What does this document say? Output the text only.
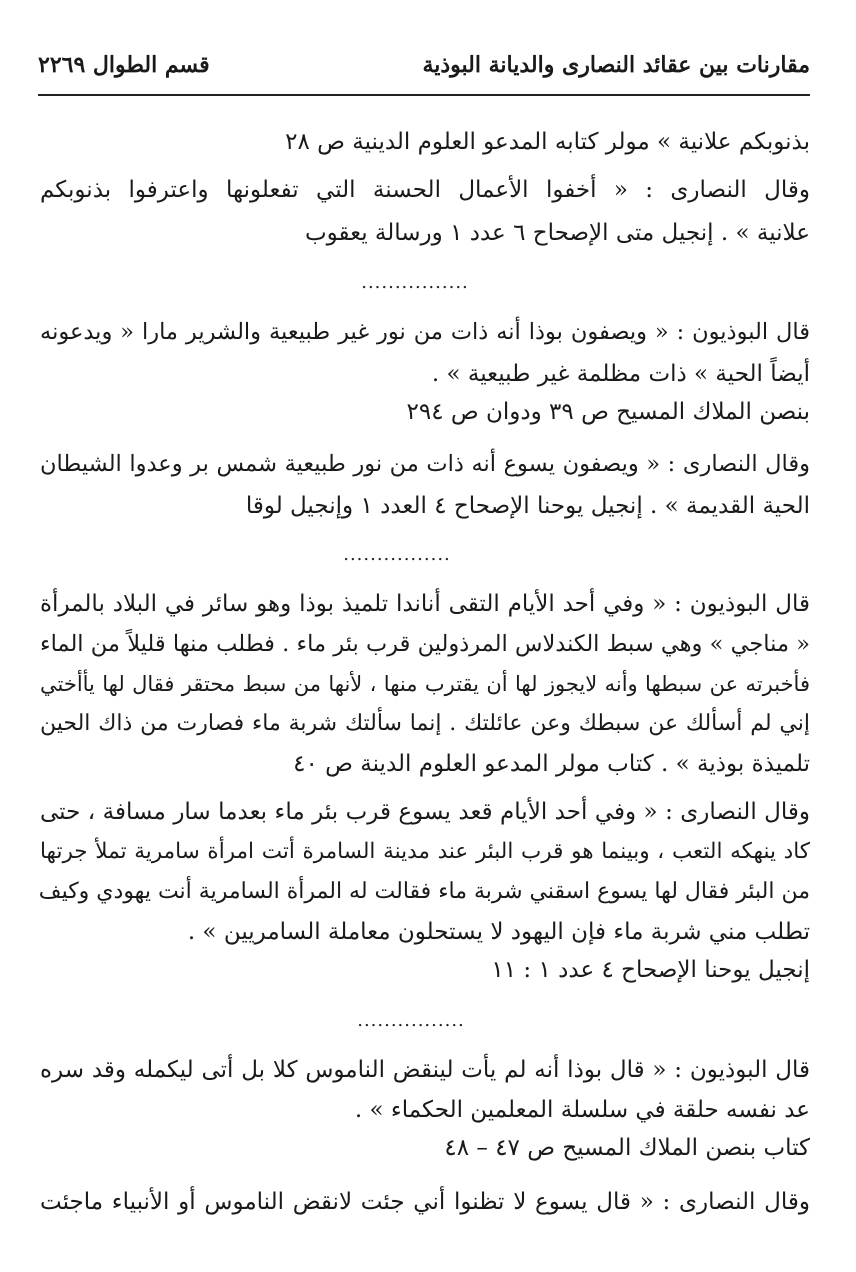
مقارنات بين عقائد النصارى والديانة البوذية
قسم الطوال ٢٢٦٩
بذنوبكم علانية » مولر كتابه المدعو العلوم الدينية ص ٢٨
وقال النصارى : « أخفوا الأعمال الحسنة التي تفعلونها واعترفوا بذنوبكم
علانية » . إنجيل متى الإصحاح ٦ عدد ١ ورسالة يعقوب
................
قال البوذيون : « ويصفون بوذا أنه ذات من نور غير طبيعية والشرير مارا « ويدعونه
أيضاً الحية » ذات مظلمة غير طبيعية » .
بنصن الملاك المسيح ص ٣٩ ودوان ص ٢٩٤
وقال النصارى : « ويصفون يسوع أنه ذات من نور طبيعية شمس بر وعدوا الشيطان
الحية القديمة » . إنجيل يوحنا الإصحاح ٤ العدد ١ وإنجيل لوقا
................
قال البوذيون : « وفي أحد الأيام التقى أناندا تلميذ بوذا وهو سائر في البلاد بالمرأة
« مناجي » وهي سبط الكندلاس المرذولين قرب بئر ماء . فطلب منها قليلاً من الماء
فأخبرته عن سبطها وأنه لايجوز لها أن يقترب منها ، لأنها من سبط محتقر فقال لها يأأختي
إني لم أسألك عن سبطك وعن عائلتك . إنما سألتك شربة ماء فصارت من ذاك الحين
تلميذة بوذية » . كتاب مولر المدعو العلوم الدينة ص ٤٠
وقال النصارى : « وفي أحد الأيام قعد يسوع قرب بئر ماء بعدما سار مسافة ، حتى
كاد ينهكه التعب ، وبينما هو قرب البئر عند مدينة السامرة أتت امرأة سامرية تملأ جرتها
من البئر فقال لها يسوع اسقني شربة ماء فقالت له المرأة السامرية أنت يهودي وكيف
تطلب مني شربة ماء فإن اليهود لا يستحلون معاملة السامريين » .
إنجيل يوحنا الإصحاح ٤ عدد ١ : ١١
................
قال البوذيون : « قال بوذا أنه لم يأت لينقض الناموس كلا بل أتى ليكمله وقد سره
عد نفسه حلقة في سلسلة المعلمين الحكماء » .
كتاب بنصن الملاك المسيح ص ٤٧ – ٤٨
وقال النصارى : « قال يسوع لا تظنوا أني جئت لانقض الناموس أو الأنبياء ماجئت
